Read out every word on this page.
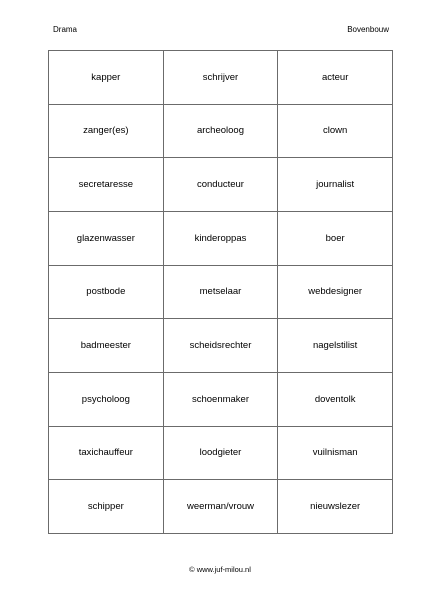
Drama	Bovenbouw
kapper	schrijver	acteur
zanger(es)	archeoloog	clown
secretaresse	conducteur	journalist
glazenwasser	kinderoppas	boer
postbode	metselaar	webdesigner
badmeester	scheidsrechter	nagelstilist
psycholoog	schoenmaker	doventolk
taxichauffeur	loodgieter	vuilnisman
schipper	weerman/vrouw	nieuwslezer
© www.juf-milou.nl
